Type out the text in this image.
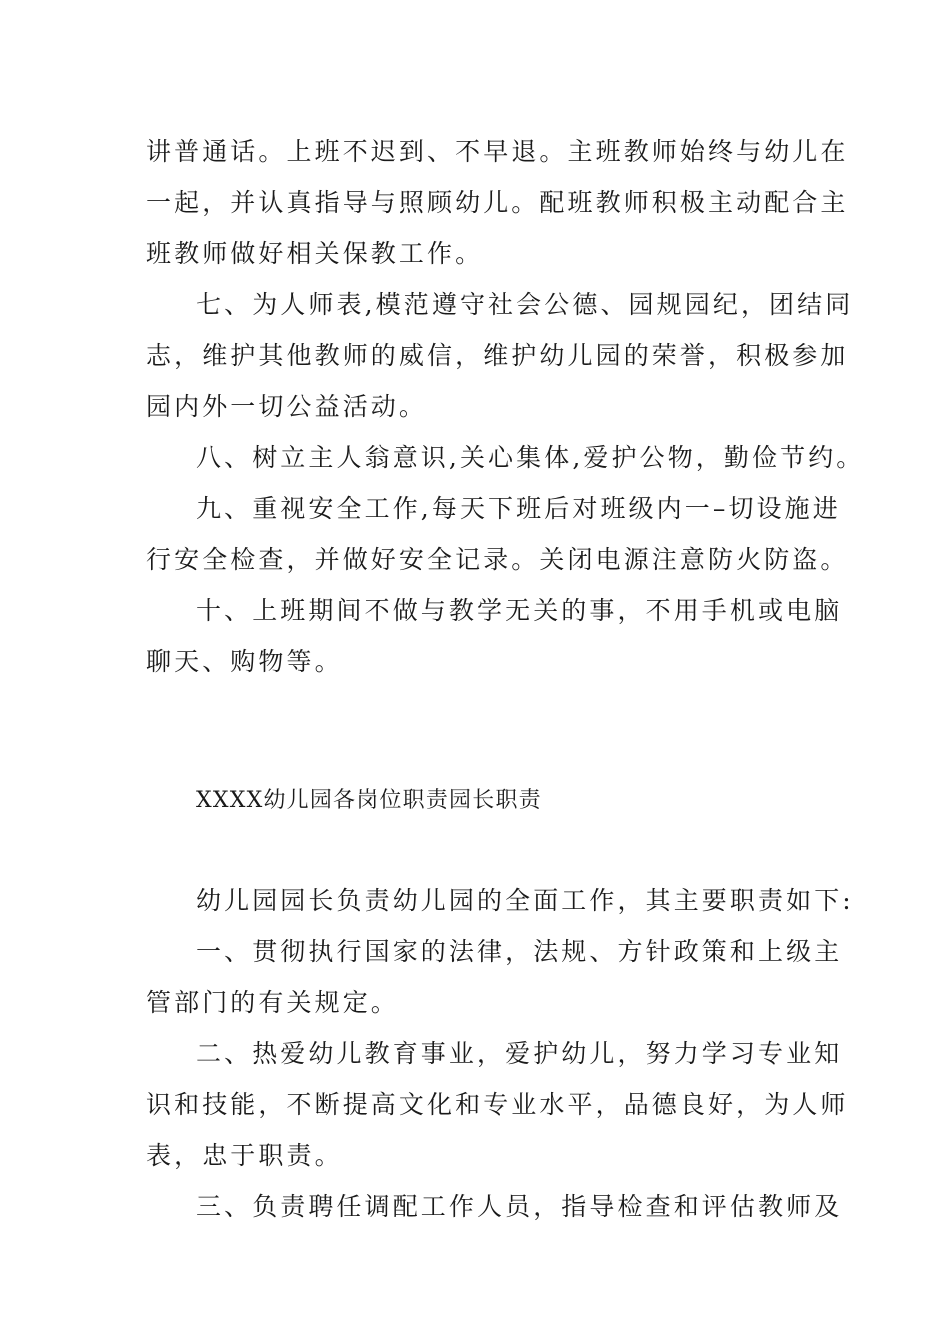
讲普通话。上班不迟到、不早退。主班教师始终与幼儿在
一起，并认真指导与照顾幼儿。配班教师积极主动配合主
班教师做好相关保教工作。
七、为人师表,模范遵守社会公德、园规园纪，团结同
志，维护其他教师的威信，维护幼儿园的荣誉，积极参加
园内外一切公益活动。
八、树立主人翁意识,关心集体,爱护公物，勤俭节约。
九、重视安全工作,每天下班后对班级内一–切设施进
行安全检查，并做好安全记录。关闭电源注意防火防盗。
十、上班期间不做与教学无关的事，不用手机或电脑
聊天、购物等。
XXXX幼儿园各岗位职责园长职责
幼儿园园长负责幼儿园的全面工作，其主要职责如下:
一、贯彻执行国家的法律，法规、方针政策和上级主
管部门的有关规定。
二、热爱幼儿教育事业，爱护幼儿，努力学习专业知
识和技能，不断提高文化和专业水平，品德良好，为人师
表，忠于职责。
三、负责聘任调配工作人员，指导检查和评估教师及
